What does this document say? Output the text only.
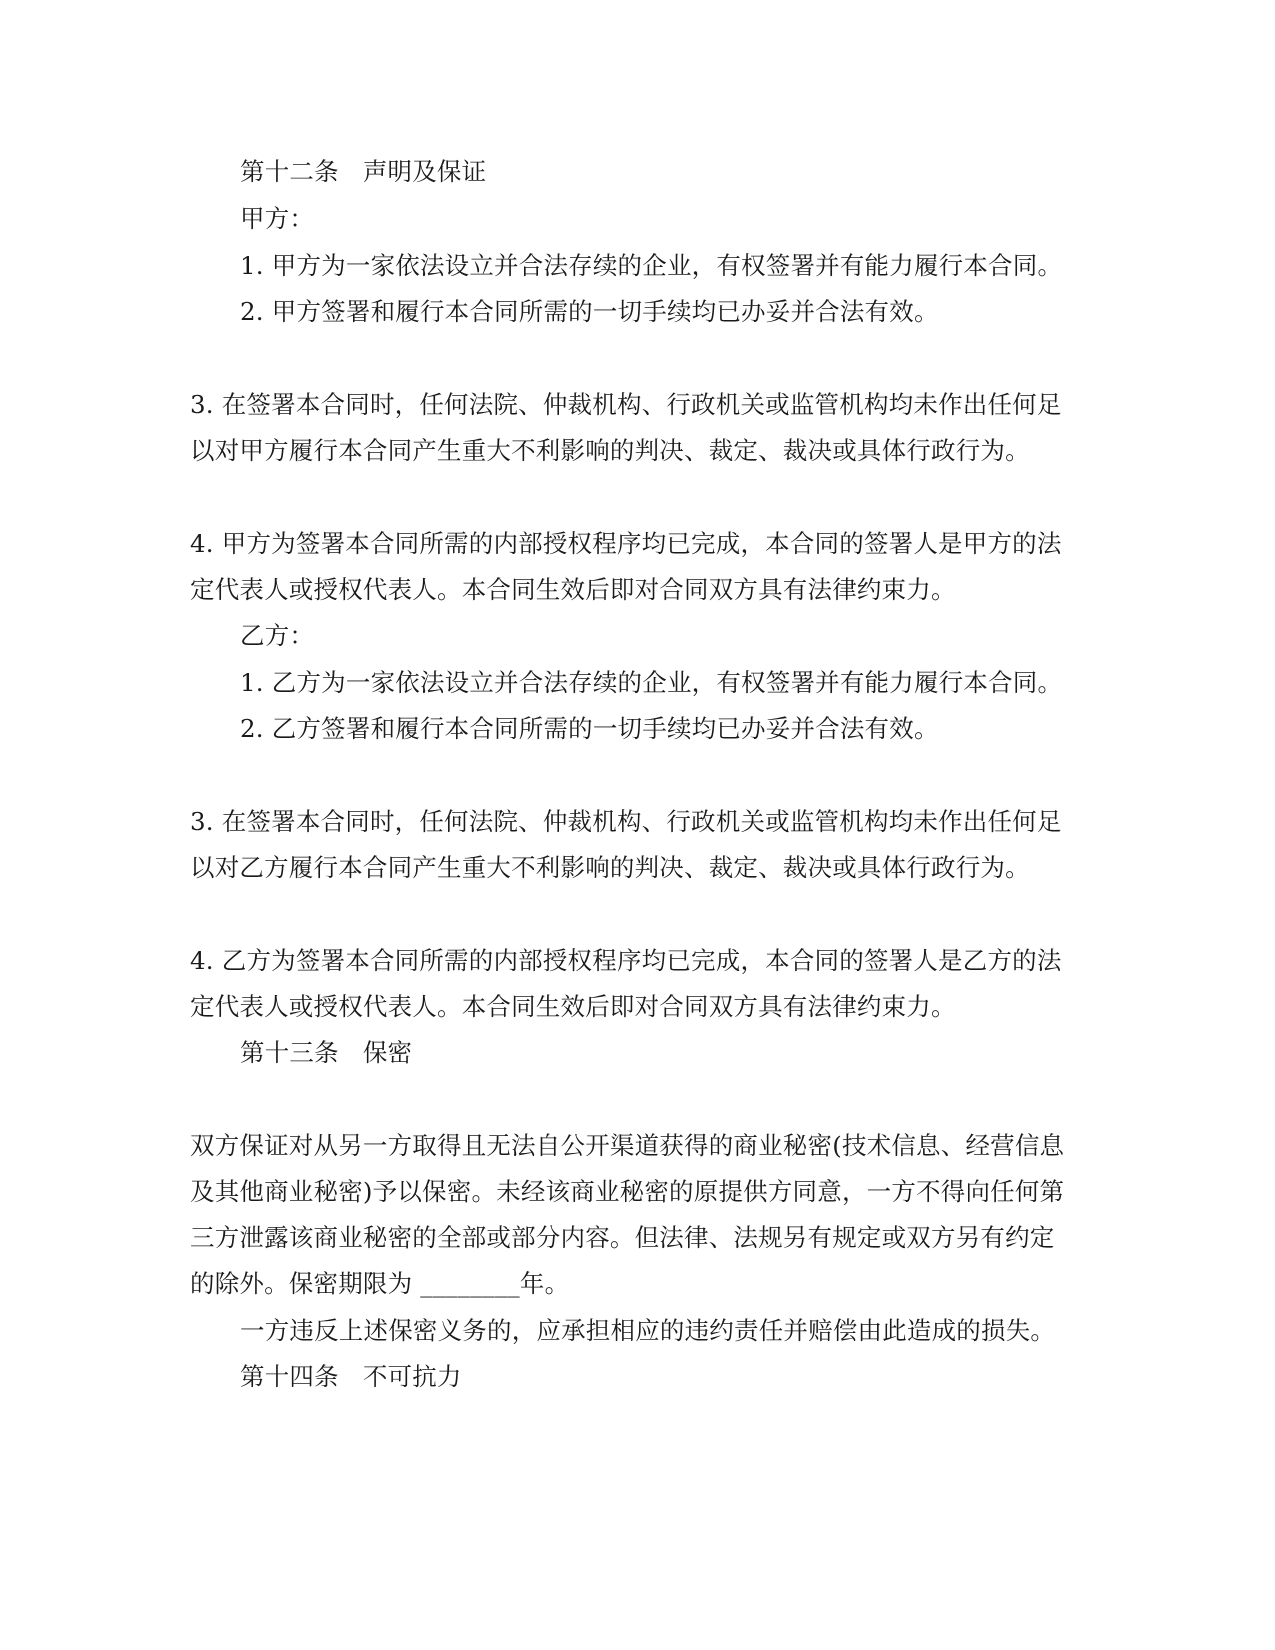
第十二条 声明及保证
甲方：
1. 甲方为一家依法设立并合法存续的企业，有权签署并有能力履行本合同。
2. 甲方签署和履行本合同所需的一切手续均已办妥并合法有效。
3. 在签署本合同时，任何法院、仲裁机构、行政机关或监管机构均未作出任何足
以对甲方履行本合同产生重大不利影响的判决、裁定、裁决或具体行政行为。
4. 甲方为签署本合同所需的内部授权程序均已完成，本合同的签署人是甲方的法
定代表人或授权代表人。本合同生效后即对合同双方具有法律约束力。
乙方：
1. 乙方为一家依法设立并合法存续的企业，有权签署并有能力履行本合同。
2. 乙方签署和履行本合同所需的一切手续均已办妥并合法有效。
3. 在签署本合同时，任何法院、仲裁机构、行政机关或监管机构均未作出任何足
以对乙方履行本合同产生重大不利影响的判决、裁定、裁决或具体行政行为。
4. 乙方为签署本合同所需的内部授权程序均已完成，本合同的签署人是乙方的法
定代表人或授权代表人。本合同生效后即对合同双方具有法律约束力。
第十三条 保密
双方保证对从另一方取得且无法自公开渠道获得的商业秘密(技术信息、经营信息
及其他商业秘密)予以保密。未经该商业秘密的原提供方同意，一方不得向任何第
三方泄露该商业秘密的全部或部分内容。但法律、法规另有规定或双方另有约定
的除外。保密期限为 ________年。
一方违反上述保密义务的，应承担相应的违约责任并赔偿由此造成的损失。
第十四条 不可抗力
